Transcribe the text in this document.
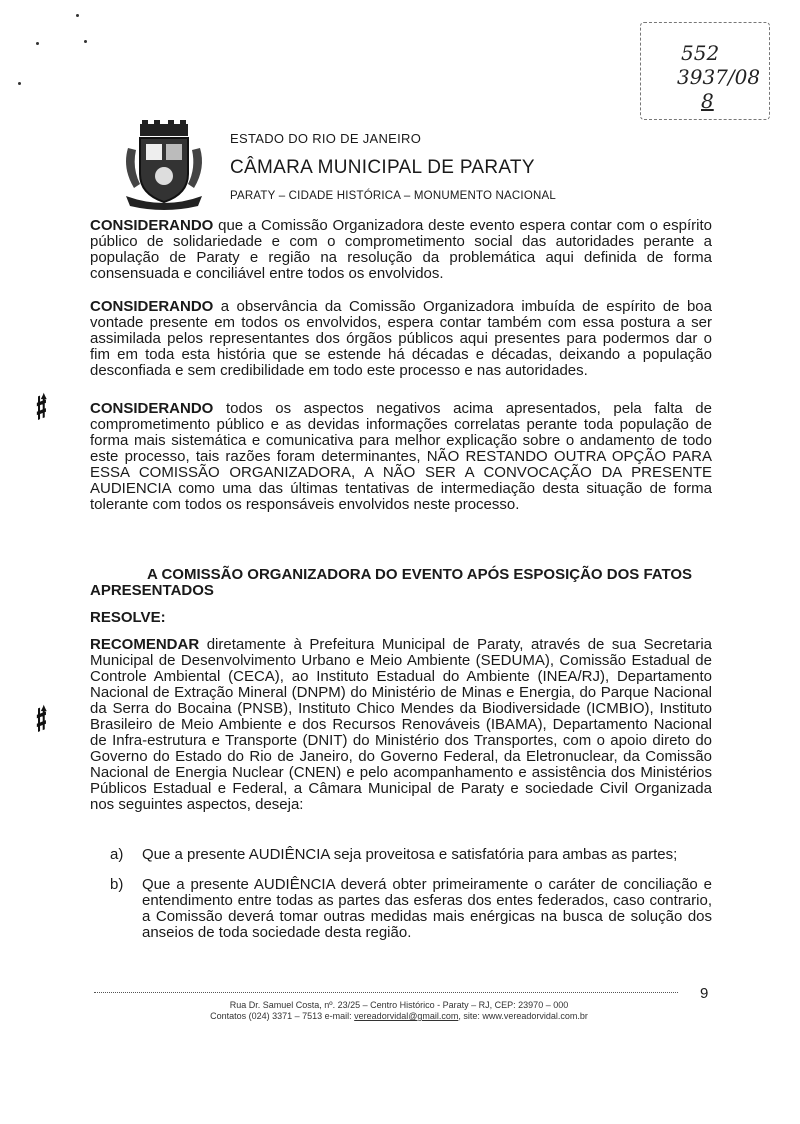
552
3937/08
8
ESTADO DO RIO DE JANEIRO
CÂMARA MUNICIPAL DE PARATY
PARATY – CIDADE HISTÓRICA – MONUMENTO NACIONAL

CONSIDERANDO que a Comissão Organizadora deste evento espera contar com o espírito público de solidariedade e com o comprometimento social das autoridades perante a população de Paraty e região na resolução da problemática aqui definida de forma consensuada e conciliável entre todos os envolvidos.

CONSIDERANDO a observância da Comissão Organizadora imbuída de espírito de boa vontade presente em todos os envolvidos, espera contar também com essa postura a ser assimilada pelos representantes dos órgãos públicos aqui presentes para podermos dar o fim em toda esta história que se estende há décadas e décadas, deixando a população desconfiada e sem credibilidade em todo este processo e nas autoridades.

𝄰	CONSIDERANDO todos os aspectos negativos acima apresentados, pela falta de comprometimento público e as devidas informações correlatas perante toda população de forma mais sistemática e comunicativa para melhor explicação sobre o andamento de todo este processo, tais razões foram determinantes, NÃO RESTANDO OUTRA OPÇÃO PARA ESSA COMISSÃO ORGANIZADORA, A NÃO SER A CONVOCAÇÃO DA PRESENTE AUDIENCIA como uma das últimas tentativas de intermediação desta situação de forma tolerante com todos os responsáveis envolvidos neste processo.

A COMISSÃO ORGANIZADORA DO EVENTO APÓS ESPOSIÇÃO DOS FATOS APRESENTADOS

RESOLVE:

𝄰

RECOMENDAR diretamente à Prefeitura Municipal de Paraty, através de sua Secretaria Municipal de Desenvolvimento Urbano e Meio Ambiente (SEDUMA), Comissão Estadual de Controle Ambiental (CECA), ao Instituto Estadual do Ambiente (INEA/RJ), Departamento Nacional de Extração Mineral (DNPM) do Ministério de Minas e Energia, do Parque Nacional da Serra do Bocaina (PNSB), Instituto Chico Mendes da Biodiversidade (ICMBIO), Instituto Brasileiro de Meio Ambiente e dos Recursos Renováveis (IBAMA), Departamento Nacional de Infra-estrutura e Transporte (DNIT) do Ministério dos Transportes, com o apoio direto do Governo do Estado do Rio de Janeiro, do Governo Federal, da Eletronuclear, da Comissão Nacional de Energia Nuclear (CNEN) e pelo acompanhamento e assistência dos Ministérios Públicos Estadual e Federal, a Câmara Municipal de Paraty e sociedade Civil Organizada nos seguintes aspectos, deseja:

a) Que a presente AUDIÊNCIA seja proveitosa e satisfatória para ambas as partes;
b) Que a presente AUDIÊNCIA deverá obter primeiramente o caráter de conciliação e entendimento entre todas as partes das esferas dos entes federados, caso contrario, a Comissão deverá tomar outras medidas mais enérgicas na busca de solução dos anseios de toda sociedade desta região.
9
Rua Dr. Samuel Costa, nº. 23/25 – Centro Histórico - Paraty – RJ, CEP: 23970 – 000
Contatos (024) 3371 – 7513 e-mail: vereadorvidal@gmail.com, site: www.vereadorvidal.com.br
